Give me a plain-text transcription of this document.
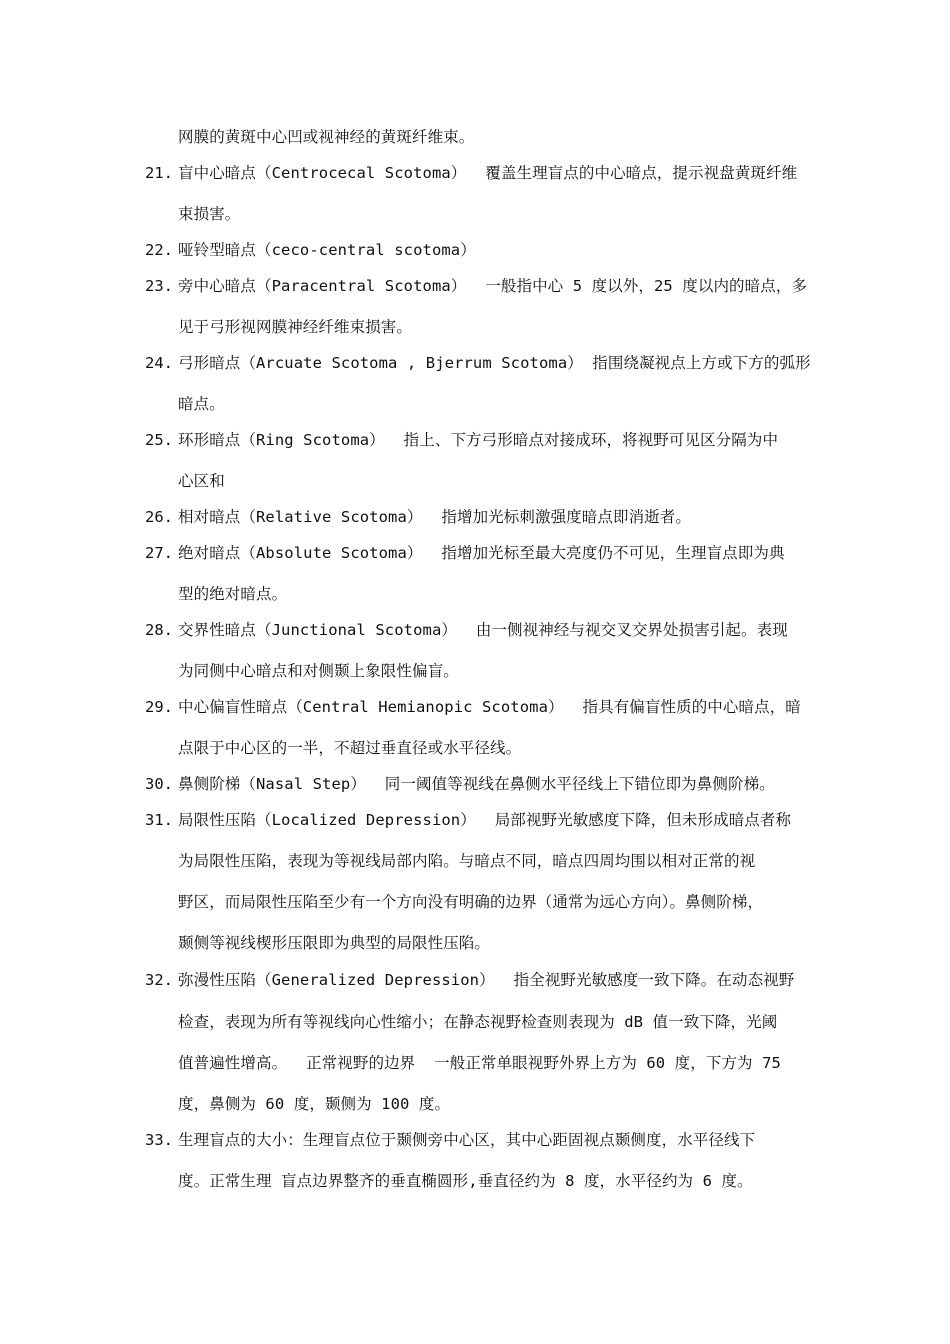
网膜的黄斑中心凹或视神经的黄斑纤维束。
21. 盲中心暗点（Centrocecal Scotoma）  覆盖生理盲点的中心暗点，提示视盘黄斑纤维
束损害。
22. 哑铃型暗点（ceco-central scotoma）
23. 旁中心暗点（Paracentral Scotoma）  一般指中心 5 度以外，25 度以内的暗点，多
见于弓形视网膜神经纤维束损害。
24. 弓形暗点（Arcuate Scotoma , Bjerrum Scotoma） 指围绕凝视点上方或下方的弧形
暗点。
25. 环形暗点（Ring Scotoma）  指上、下方弓形暗点对接成环，将视野可见区分隔为中
心区和
26. 相对暗点（Relative Scotoma）  指增加光标刺激强度暗点即消逝者。
27. 绝对暗点（Absolute Scotoma）  指增加光标至最大亮度仍不可见，生理盲点即为典
型的绝对暗点。
28. 交界性暗点（Junctional Scotoma）  由一侧视神经与视交叉交界处损害引起。表现
为同侧中心暗点和对侧颞上象限性偏盲。
29. 中心偏盲性暗点（Central Hemianopic Scotoma）  指具有偏盲性质的中心暗点，暗
点限于中心区的一半，不超过垂直径或水平径线。
30. 鼻侧阶梯（Nasal Step）  同一阈值等视线在鼻侧水平径线上下错位即为鼻侧阶梯。
31. 局限性压陷（Localized Depression）  局部视野光敏感度下降，但未形成暗点者称
为局限性压陷，表现为等视线局部内陷。与暗点不同，暗点四周均围以相对正常的视
野区，而局限性压陷至少有一个方向没有明确的边界（通常为远心方向）。鼻侧阶梯，
颞侧等视线楔形压限即为典型的局限性压陷。
32. 弥漫性压陷（Generalized Depression）  指全视野光敏感度一致下降。在动态视野
检查，表现为所有等视线向心性缩小；在静态视野检查则表现为 dB 值一致下降，光阈
值普遍性增高。  正常视野的边界  一般正常单眼视野外界上方为 60 度，下方为 75
度，鼻侧为 60 度，颞侧为 100 度。
33. 生理盲点的大小：生理盲点位于颞侧旁中心区，其中心距固视点颞侧度，水平径线下
度。正常生理 盲点边界整齐的垂直椭圆形,垂直径约为 8 度，水平径约为 6 度。
